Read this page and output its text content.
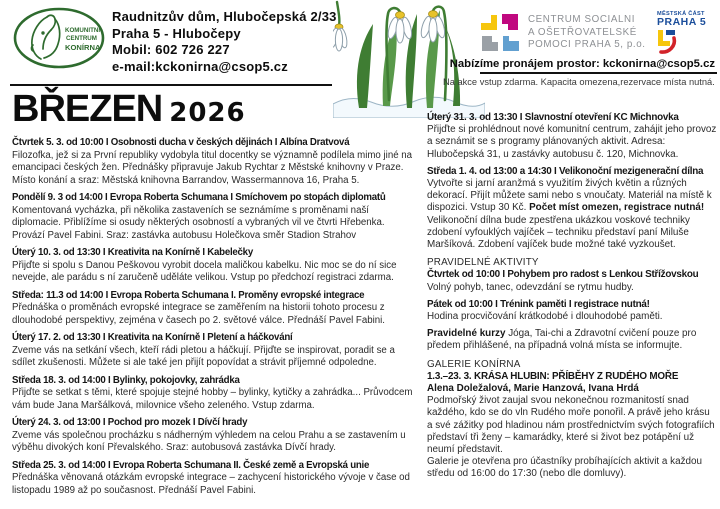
KOMUNITNÍ
CENTRUM
KONÍRNA
Raudnitzův dům, Hlubočepská 2/33
Praha 5 - Hlubočepy
Mobil: 602 726 227
e-mail:kckonirna@csop5.cz
CENTRUM SOCIALNI
A OŠETŘOVATELSKÉ
POMOCI PRAHA 5, p.o.
MĚSTSKÁ ČÁST
PRAHA 5
Nabízíme pronájem prostor: kckonirna@csop5.cz
Na akce vstup zdarma. Kapacita omezena,rezervace místa nutná.
BŘEZEN 2026
Čtvrtek 5. 3. od 10:00 I Osobnosti ducha v českých dějinách I Albína Dratvová
Filozofka, jež si za První republiky vydobyla titul docentky se významně podílela mimo jiné na emancipaci českých žen. Přednášky připravuje Jakub Rychtar z Městské knihovny v Praze. Místo konání a sraz: Městská knihovna Barrandov, Wassermannova 16, Praha 5.
Pondělí 9. 3 od 14:00 I Evropa Roberta Schumana I Smíchovem po stopách diplomatů
Komentovaná vycházka, při několika zastaveních se seznámíme s proměnami naší diplomacie. Přiblížíme si osudy některých osobností a vybraných vil ve čtvrti Hřebenka. Provází Pavel Fabini. Sraz: zastávka autobusu Holečkova směr Stadion Strahov
Úterý 10. 3. od 13:30 I Kreativita na Konírně I Kabelečky
Přijďte si spolu s Danou Peškovou vyrobit docela maličkou kabelku. Nic moc se do ní sice nevejde, ale parádu s ní zaručeně uděláte velikou. Vstup po předchozí registraci zdarma.
Středa: 11.3 od 14:00 I Evropa Roberta Schumana I. Proměny evropské integrace
Přednáška o proměnách evropské integrace se zaměřením na historii tohoto procesu z dlouhodobé perspektivy, zejména v časech po 2. světové válce. Přednáší Pavel Fabini.
Úterý 17. 2. od 13:30 I Kreativita na Konírně I Pletení a háčkování
Zveme vás na setkání všech, kteří rádi pletou a háčkují. Přijďte se inspirovat, poradit se a sdílet zkušenosti. Můžete si ale také jen přijít popovídat a strávit příjemné odpoledne.
Středa 18. 3. od 14:00 I Bylinky, pokojovky, zahrádka
Přijďte se setkat s těmi, které spojuje stejné hobby – bylinky, kytičky a zahrádka... Průvodcem vám bude Jana Maršálková, milovnice všeho zeleného. Vstup zdarma.
Úterý 24. 3. od 13:00 I Pochod pro mozek I Dívčí hrady
Zveme vás společnou procházku s nádherným výhledem na celou Prahu a se zastavením u výběhu divokých koní Převalského. Sraz: autobusová zastávka Dívčí hrady.
Středa 25. 3. od 14:00 I Evropa Roberta Schumana II. České země a Evropská unie
Přednáška věnovaná otázkám evropské integrace – zachycení historického vývoje v čase od listopadu 1989 až po současnost. Přednáší Pavel Fabini.
Úterý 31. 3. od 13:30 I Slavnostní otevření KC Michnovka
Přijďte si prohlédnout nové komunitní centrum, zahájit jeho provoz a seznámit se s programy plánovaných aktivit. Adresa: Hlubočepská 31, u zastávky autobusu č. 120, Michnovka.
Středa 1. 4. od 13:00 a 14:30 I Velikonoční mezigenerační dílna
Vytvořte si jarní aranžmá s využitím živých květin a různých dekorací. Přijít můžete sami nebo s vnoučaty. Materiál na místě k dispozici. Vstup 30 Kč. Počet míst omezen, registrace nutná! Velikonoční dílna bude zpestřena ukázkou voskové techniky zdobení vyfouklých vajíček – techniku představí paní Miluše Maršíková. Zdobení vajíček bude možné také vyzkoušet.
PRAVIDELNÉ AKTIVITY
Čtvrtek od 10:00 I Pohybem pro radost s Lenkou Střížovskou
Volný pohyb, tanec, odevzdání se rytmu hudby.
Pátek od 10:00 I Trénink paměti I registrace nutná!
Hodina procvičování krátkodobé i dlouhodobé paměti.
Pravidelné kurzy Jóga, Tai-chi a Zdravotní cvičení pouze pro předem přihlášené, na případná volná místa se informujte.
GALERIE KONÍRNA
1.3.–23. 3. KRÁSA HLUBIN: PŘÍBĚHY Z RUDÉHO MOŘE
Alena Doležalová, Marie Hanzová, Ivana Hrdá
Podmořský život zaujal svou nekonečnou rozmanitostí snad každého, kdo se do vln Rudého moře ponořil. A právě jeho krásu a své zážitky pod hladinou nám prostřednictvím svých fotografiích představí tři ženy – kamarádky, které si život bez potápění už neumí představit.
Galerie je otevřena pro účastníky probíhajících aktivit a každou středu od 16:00 do 17:30 (nebo dle domluvy).
